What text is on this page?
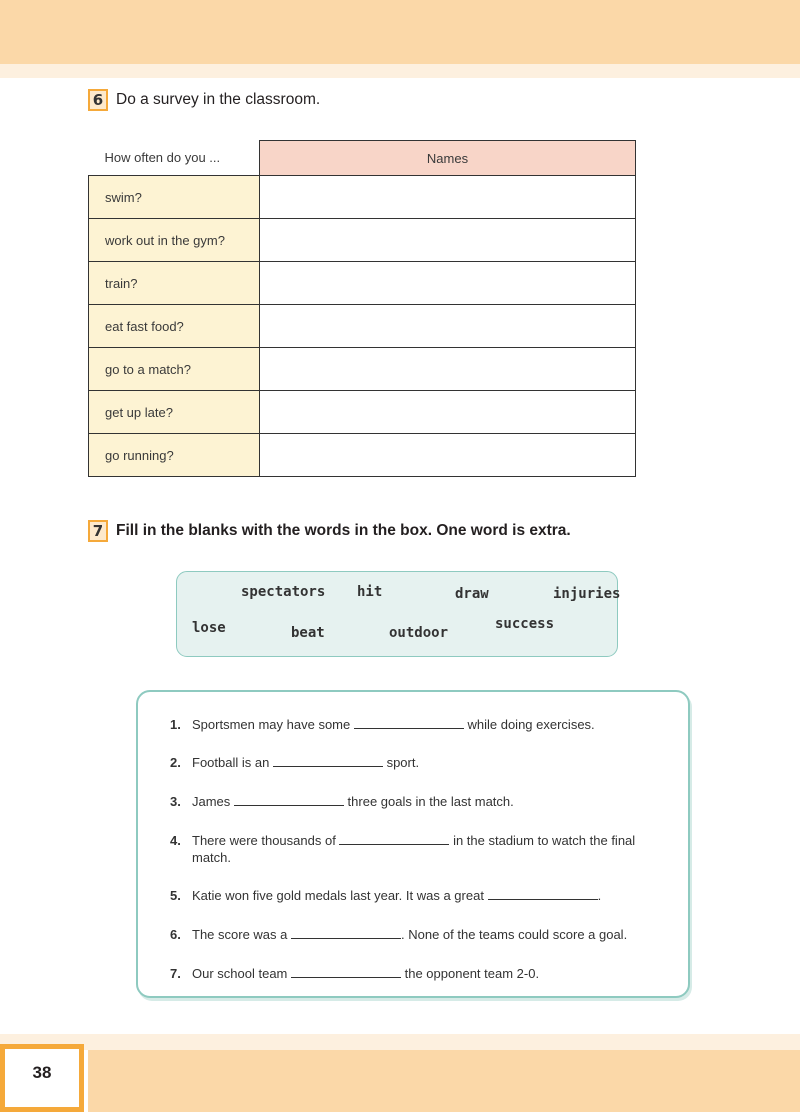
6 Do a survey in the classroom.
How often do you ...	Names
swim?	
work out in the gym?	
train?	
eat fast food?	
go to a match?	
get up late?	
go running?	
7 Fill in the blanks with the words in the box. One word is extra.
spectators hit	draw	injuries
lose	beat	outdoor
success
1. Sportsmen may have some	while doing exercises.
2. Football is an	sport.
3. James	three goals in the last match.
4. There were thousands of	in the stadium to watch the final match.
5. Katie won five gold medals last year. It was a great	.
6. The score was a	. None of the teams could score a goal.
7. Our school team	the opponent team 2-0.
38
